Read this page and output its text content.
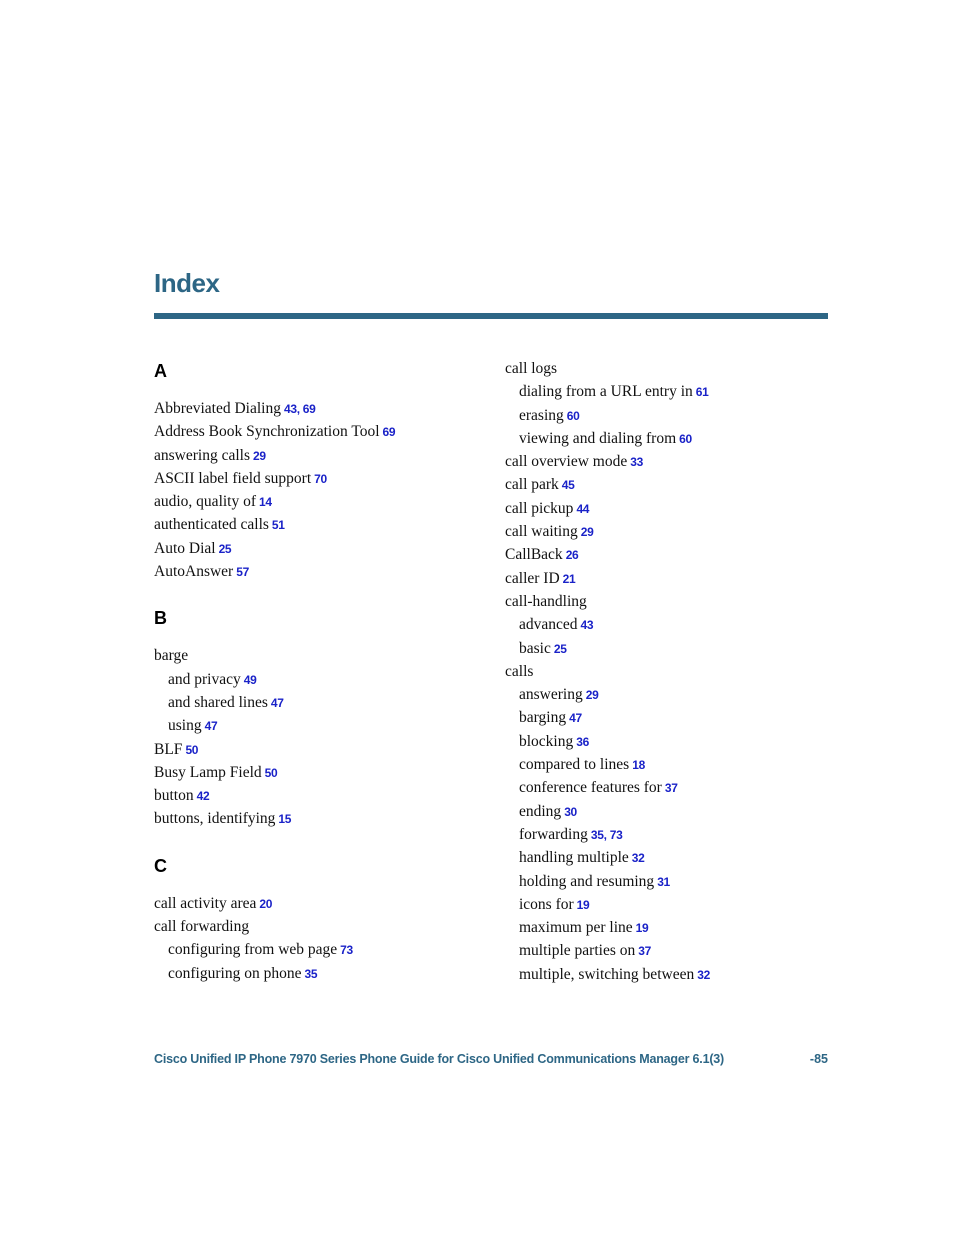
Index
A
Abbreviated Dialing 43, 69
Address Book Synchronization Tool 69
answering calls 29
ASCII label field support 70
audio, quality of 14
authenticated calls 51
Auto Dial 25
AutoAnswer 57
B
barge
and privacy 49
and shared lines 47
using 47
BLF 50
Busy Lamp Field 50
button 42
buttons, identifying 15
C
call activity area 20
call forwarding
configuring from web page 73
configuring on phone 35
call logs
dialing from a URL entry in 61
erasing 60
viewing and dialing from 60
call overview mode 33
call park 45
call pickup 44
call waiting 29
CallBack 26
caller ID 21
call-handling
advanced 43
basic 25
calls
answering 29
barging 47
blocking 36
compared to lines 18
conference features for 37
ending 30
forwarding 35, 73
handling multiple 32
holding and resuming 31
icons for 19
maximum per line 19
multiple parties on 37
multiple, switching between 32
Cisco Unified IP Phone 7970 Series Phone Guide for Cisco Unified Communications Manager 6.1(3)	-85
